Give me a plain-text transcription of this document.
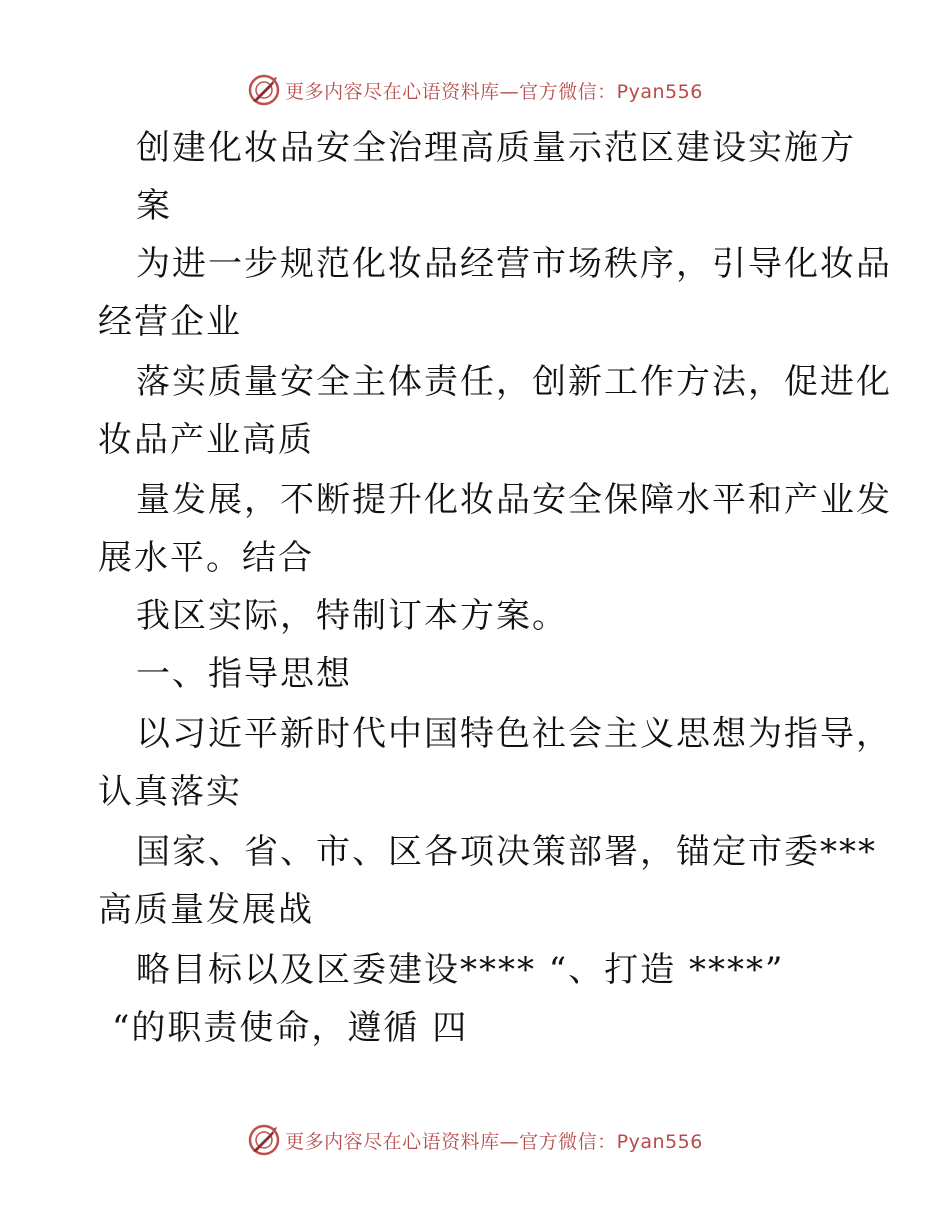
更多内容尽在心语资料库—官方微信：Pyan556
创建化妆品安全治理高质量示范区建设实施方
案
为进一步规范化妆品经营市场秩序，引导化妆品
经营企业
落实质量安全主体责任，创新工作方法，促进化
妆品产业高质
量发展，不断提升化妆品安全保障水平和产业发
展水平。结合
我区实际，特制订本方案。
一、指导思想
以习近平新时代中国特色社会主义思想为指导，
认真落实
国家、省、市、区各项决策部署，锚定市委***
高质量发展战
略目标以及区委建设**** “、打造 ****”
“的职责使命，遵循 四
更多内容尽在心语资料库—官方微信：Pyan556
